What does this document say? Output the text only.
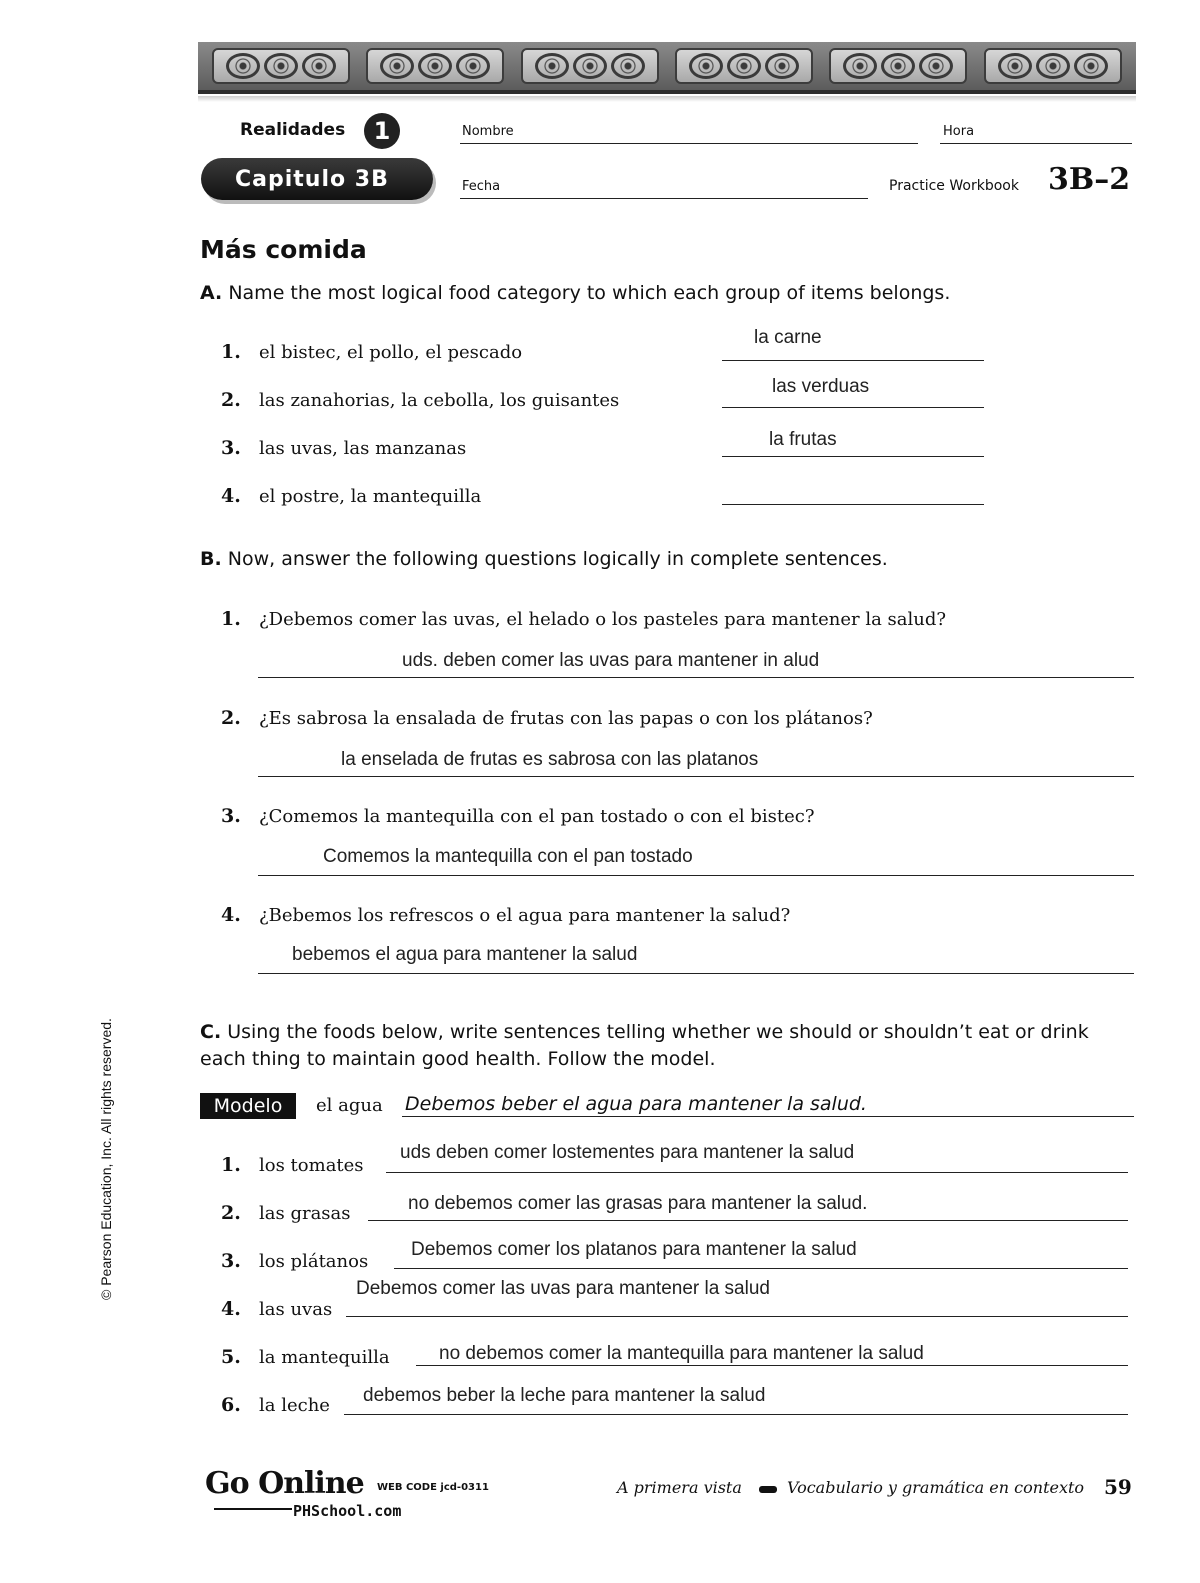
Realidades	1
Capitulo 3B
Nombre	Hora
Fecha	Practice Workbook 3B–2
Más comida
A. Name the most logical food category to which each group of items belongs.
1. el bistec, el pollo, el pescado
la carne
2. las zanahorias, la cebolla, los guisantes
las verduas
3. las uvas, las manzanas	la frutas
4. el postre, la mantequilla
B. Now, answer the following questions logically in complete sentences.
1. ¿Debemos comer las uvas, el helado o los pasteles para mantener la salud?
uds. deben comer las uvas para mantener in alud
2. ¿Es sabrosa la ensalada de frutas con las papas o con los plátanos?
la enselada de frutas es sabrosa con las platanos
3. ¿Comemos la mantequilla con el pan tostado o con el bistec?
Comemos la mantequilla con el pan tostado
4. ¿Bebemos los refrescos o el agua para mantener la salud?
bebemos el agua para mantener la salud
C. Using the foods below, write sentences telling whether we should or shouldn’t eat or drink each thing to maintain good health. Follow the model.
Modelo	el agua Debemos beber el agua para mantener la salud.
1. los tomates
uds deben comer lostementes para mantener la salud
2. las grasas	no debemos comer las grasas para mantener la salud.
3. los plátanos
Debemos comer los platanos para mantener la salud
4. las uvas
Debemos comer las uvas para mantener la salud
5. la mantequilla	no debemos comer la mantequilla para mantener la salud
6. la leche debemos beber la leche para mantener la salud
© Pearson Education, Inc. All rights reserved.
Go Online WEB CODE jcd-0311
PHSchool.com
A primera vista	Vocabulario y gramática en contexto 59
